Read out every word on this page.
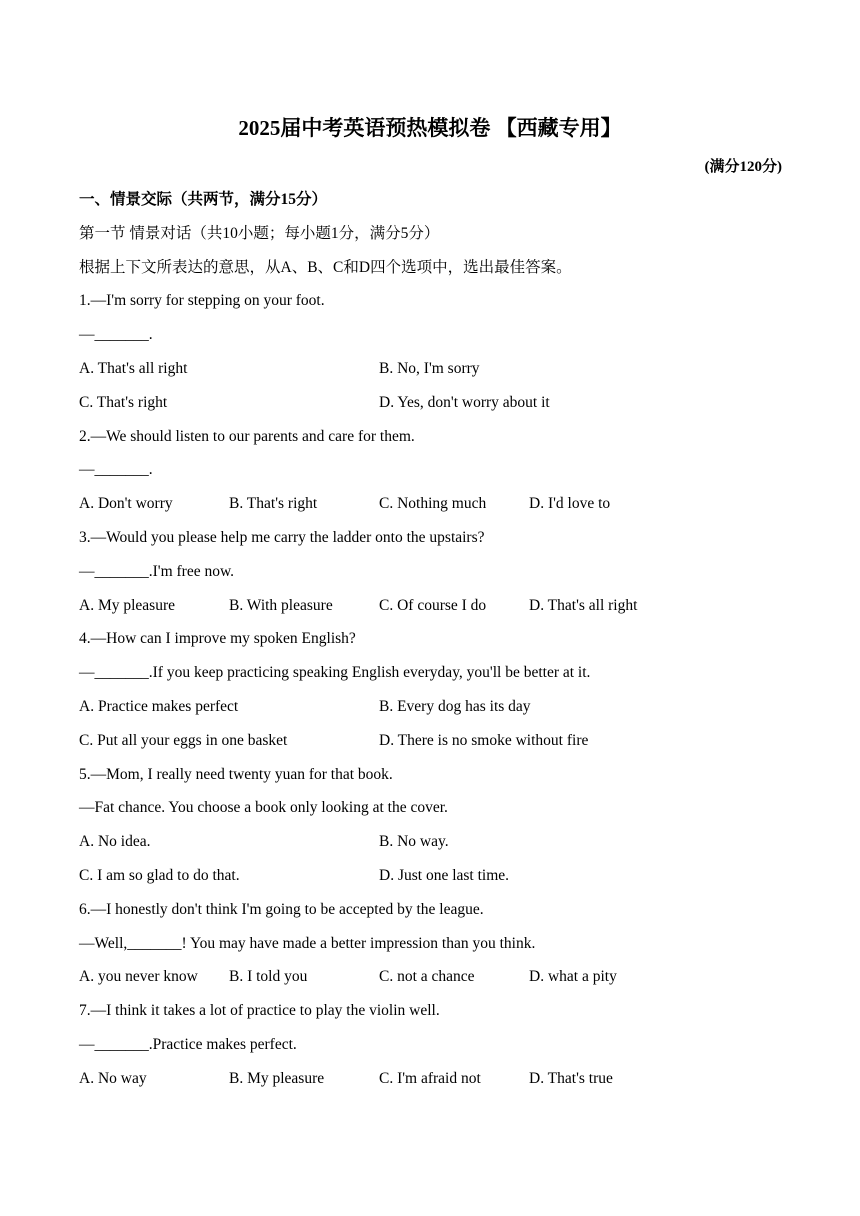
2025届中考英语预热模拟卷 【西藏专用】
(满分120分)
一、情景交际（共两节，满分15分）
第一节 情景对话（共10小题；每小题1分，满分5分）
根据上下文所表达的意思，从A、B、C和D四个选项中，选出最佳答案。
1.—I'm sorry for stepping on your foot.
—_______.
A. That's all right	B. No, I'm sorry
C. That's right	D. Yes, don't worry about it
2.—We should listen to our parents and care for them.
—_______.
A. Don't worry	B. That's right	C. Nothing much	D. I'd love to
3.—Would you please help me carry the ladder onto the upstairs?
—_______.I'm free now.
A. My pleasure	B. With pleasure	C. Of course I do	D. That's all right
4.—How can I improve my spoken English?
—_______.If you keep practicing speaking English everyday, you'll be better at it.
A. Practice makes perfect	B. Every dog has its day
C. Put all your eggs in one basket	D. There is no smoke without fire
5.—Mom, I really need twenty yuan for that book.
—Fat chance. You choose a book only looking at the cover.
A. No idea.	B. No way.
C. I am so glad to do that.	D. Just one last time.
6.—I honestly don't think I'm going to be accepted by the league.
—Well,_______! You may have made a better impression than you think.
A. you never know	B. I told you	C. not a chance	D. what a pity
7.—I think it takes a lot of practice to play the violin well.
—_______.Practice makes perfect.
A. No way	B. My pleasure	C. I'm afraid not	D. That's true
